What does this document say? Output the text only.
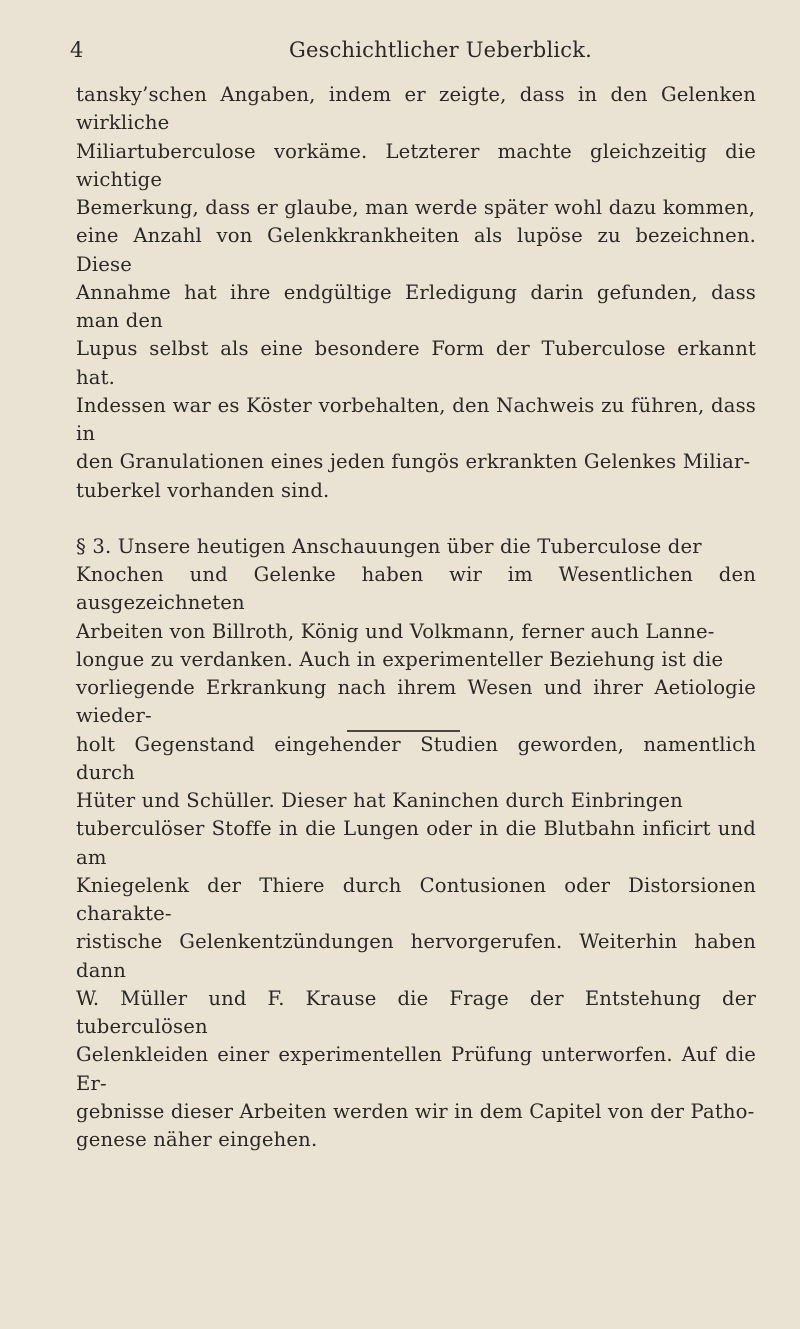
4	Geschichtlicher Ueberblick.

tansky’schen Angaben, indem er zeigte, dass in den Gelenken wirkliche
Miliartuberculose vorkäme. Letzterer machte gleichzeitig die wichtige
Bemerkung, dass er glaube, man werde später wohl dazu kommen,
eine Anzahl von Gelenkkrankheiten als lupöse zu bezeichnen. Diese
Annahme hat ihre endgültige Erledigung darin gefunden, dass man den
Lupus selbst als eine besondere Form der Tuberculose erkannt hat.
Indessen war es Köster vorbehalten, den Nachweis zu führen, dass in
den Granulationen eines jeden fungös erkrankten Gelenkes Miliar-
tuberkel vorhanden sind.

§ 3. Unsere heutigen Anschauungen über die Tuberculose der
Knochen und Gelenke haben wir im Wesentlichen den ausgezeichneten
Arbeiten von Billroth, König und Volkmann, ferner auch Lanne-
longue zu verdanken. Auch in experimenteller Beziehung ist die
vorliegende Erkrankung nach ihrem Wesen und ihrer Aetiologie wieder-
holt Gegenstand eingehender Studien geworden, namentlich durch
Hüter und Schüller. Dieser hat Kaninchen durch Einbringen
tuberculöser Stoffe in die Lungen oder in die Blutbahn inficirt und am
Kniegelenk der Thiere durch Contusionen oder Distorsionen charakte-
ristische Gelenkentzündungen hervorgerufen. Weiterhin haben dann
W. Müller und F. Krause die Frage der Entstehung der tuberculösen
Gelenkleiden einer experimentellen Prüfung unterworfen. Auf die Er-
gebnisse dieser Arbeiten werden wir in dem Capitel von der Patho-
genese näher eingehen.
